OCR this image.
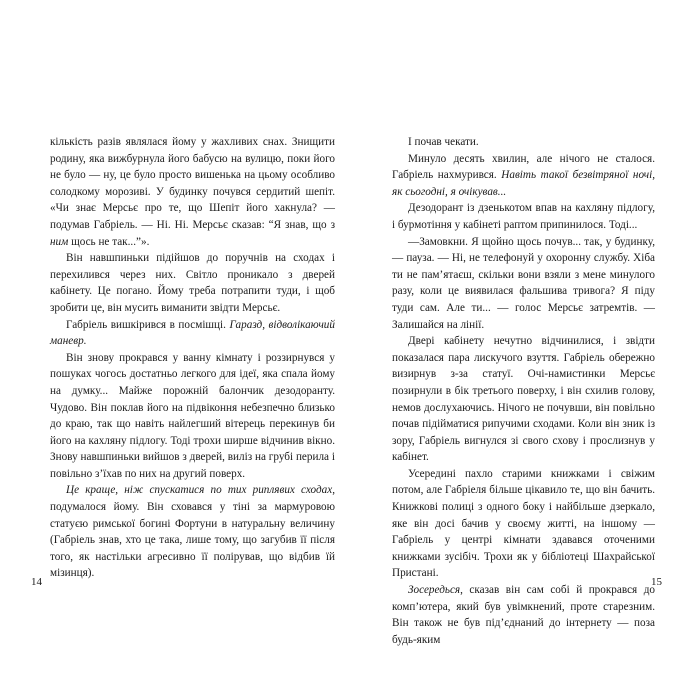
кількість разів являлася йому у жахливих снах. Знищити родину, яка вижбурнула його бабусю на вулицю, поки його не було — ну, це було просто вишенька на цьому особливо солодкому морозиві. У будинку почувся сердитий шепіт. «Чи знає Мерсьє про те, що Шепіт його хакнула? — подумав Габріель. — Ні. Ні. Мерсьє сказав: “Я знав, що з ним щось не так...”».

Він навшпиньки підійшов до поручнів на сходах і перехилився через них. Світло проникало з дверей кабінету. Це погано. Йому треба потрапити туди, і щоб зробити це, він мусить виманити звідти Мерсьє.

Габріель вишкірився в посмішці. Гаразд, відволікаючий маневр.

Він знову прокрався у ванну кімнату і роззирнувся у пошуках чогось достатньо легкого для ідеї, яка спала йому на думку... Майже порожній балончик дезодоранту. Чудово. Він поклав його на підвіконня небезпечно близько до краю, так що навіть найлегший вітерець перекинув би його на кахляну підлогу. Тоді трохи ширше відчинив вікно. Знову навшпиньки вийшов з дверей, виліз на грубі перила і повільно з’їхав по них на другий поверх.

Це краще, ніж спускатися по тих риплявих сходах, подумалося йому. Він сховався у тіні за мармуровою статуєю римської богині Фортуни в натуральну величину (Габріель знав, хто це така, лише тому, що загубив її після того, як настільки агресивно її полірував, що відбив їй мізинця).

14

І почав чекати.

Минуло десять хвилин, але нічого не сталося. Габріель нахмурився. Навіть такої безвітряної ночі, як сьогодні, я очікував...

Дезодорант із дзенькотом впав на кахляну підлогу, і бурмотіння у кабінеті раптом припинилося. Тоді...

—Замовкни. Я щойно щось почув... так, у будинку, — пауза. — Ні, не телефонуй у охоронну службу. Хіба ти не пам’ятаєш, скільки вони взяли з мене минулого разу, коли це виявилася фальшива тривога? Я піду туди сам. Але ти... — голос Мерсьє затремтів. — Залишайся на лінії.

Двері кабінету нечутно відчинилися, і звідти показалася пара лискучого взуття. Габріель обережно визирнув з-за статуї. Очі-намистинки Мерсьє позирнули в бік третього поверху, і він схилив голову, немов дослухаючись. Нічого не почувши, він повільно почав підійматися рипучими сходами. Коли він зник із зору, Габріель вигнулся зі свого схову і прослизнув у кабінет.

Усередині пахло старими книжками і свіжим потом, але Габріеля більше цікавило те, що він бачить. Книжкові полиці з одного боку і найбільше дзеркало, яке він досі бачив у своєму житті, на іншому — Габріель у центрі кімнати здавався оточеними книжками зусібіч. Трохи як у бібліотеці Шахрайської Пристані.

Зосередься, сказав він сам собі й прокрався до комп’ютера, який був увімкнений, проте старезним. Він також не був під’єднаний до інтернету — поза будь-яким

15
